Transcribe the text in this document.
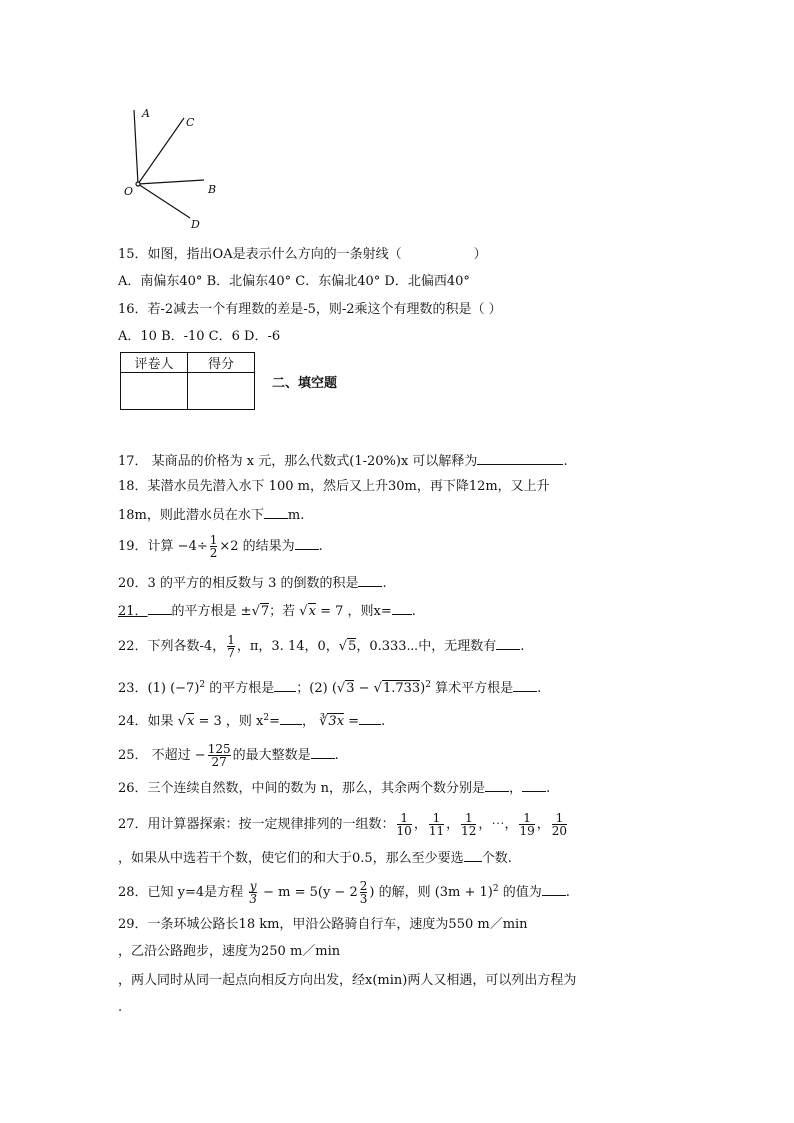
A
C
O	B
D
15．如图，指出OA是表示什么方向的一条射线（	）
A．南偏东40° B．北偏东40° C．东偏北40° D．北偏西40°
16．若-2减去一个有理数的差是-5，则-2乘这个有理数的积是（ ）
A．10 B．-10 C．6 D．-6
评卷人	得分

二、填空题
17． 某商品的价格为 x 元，那么代数式(1-20%)x 可以解释为	.
18．某潜水员先潜入水下 100 m，然后又上升30m，再下降12m，又上升
18m，则此潜水员在水下 m.
19．计算 $-4\div \frac{1}{2} \times 2$ 的结果为 .
20．3 的平方的相反数与 3 的倒数的积是 .
21． 的平方根是 ±√7；若 √x = 7 ，则x= .
22．下列各数-4， $\frac{1}{7}$ ，π，3. 14，0，√5，0.333⋯中，无理数有 .
23．(1) $(-7)^2$ 的平方根是 ；(2) $(√3 - √1.733)^2$ 算术平方根是 .
24．如果 √x = 3 ，则 $x^2=$ ， ∛3x = .
25． 不超过 − $\frac{125}{27}$ 的最大整数是 .
26．三个连续自然数，中间的数为 n，那么，其余两个数分别是 ， .
27．用计算器探索：按一定规律排列的一组数： $\frac{1}{10}$ ， $\frac{1}{11}$ ， $\frac{1}{12}$ ，⋯， $\frac{1}{19}$ ， $\frac{1}{20}$
，如果从中选若干个数，使它们的和大于0.5，那么至少要选 个数.
28．已知 y=4是方程 $\frac{y}{3} - m = 5(y - 2 \frac{2}{3}$ ) 的解，则 $(3m + 1)^2$ 的值为 .
29．一条环城公路长18 km，甲沿公路骑自行车，速度为550 m／min
，乙沿公路跑步，速度为250 m／min
，两人同时从同一起点向相反方向出发，经x(min)两人又相遇，可以列出方程为
.
